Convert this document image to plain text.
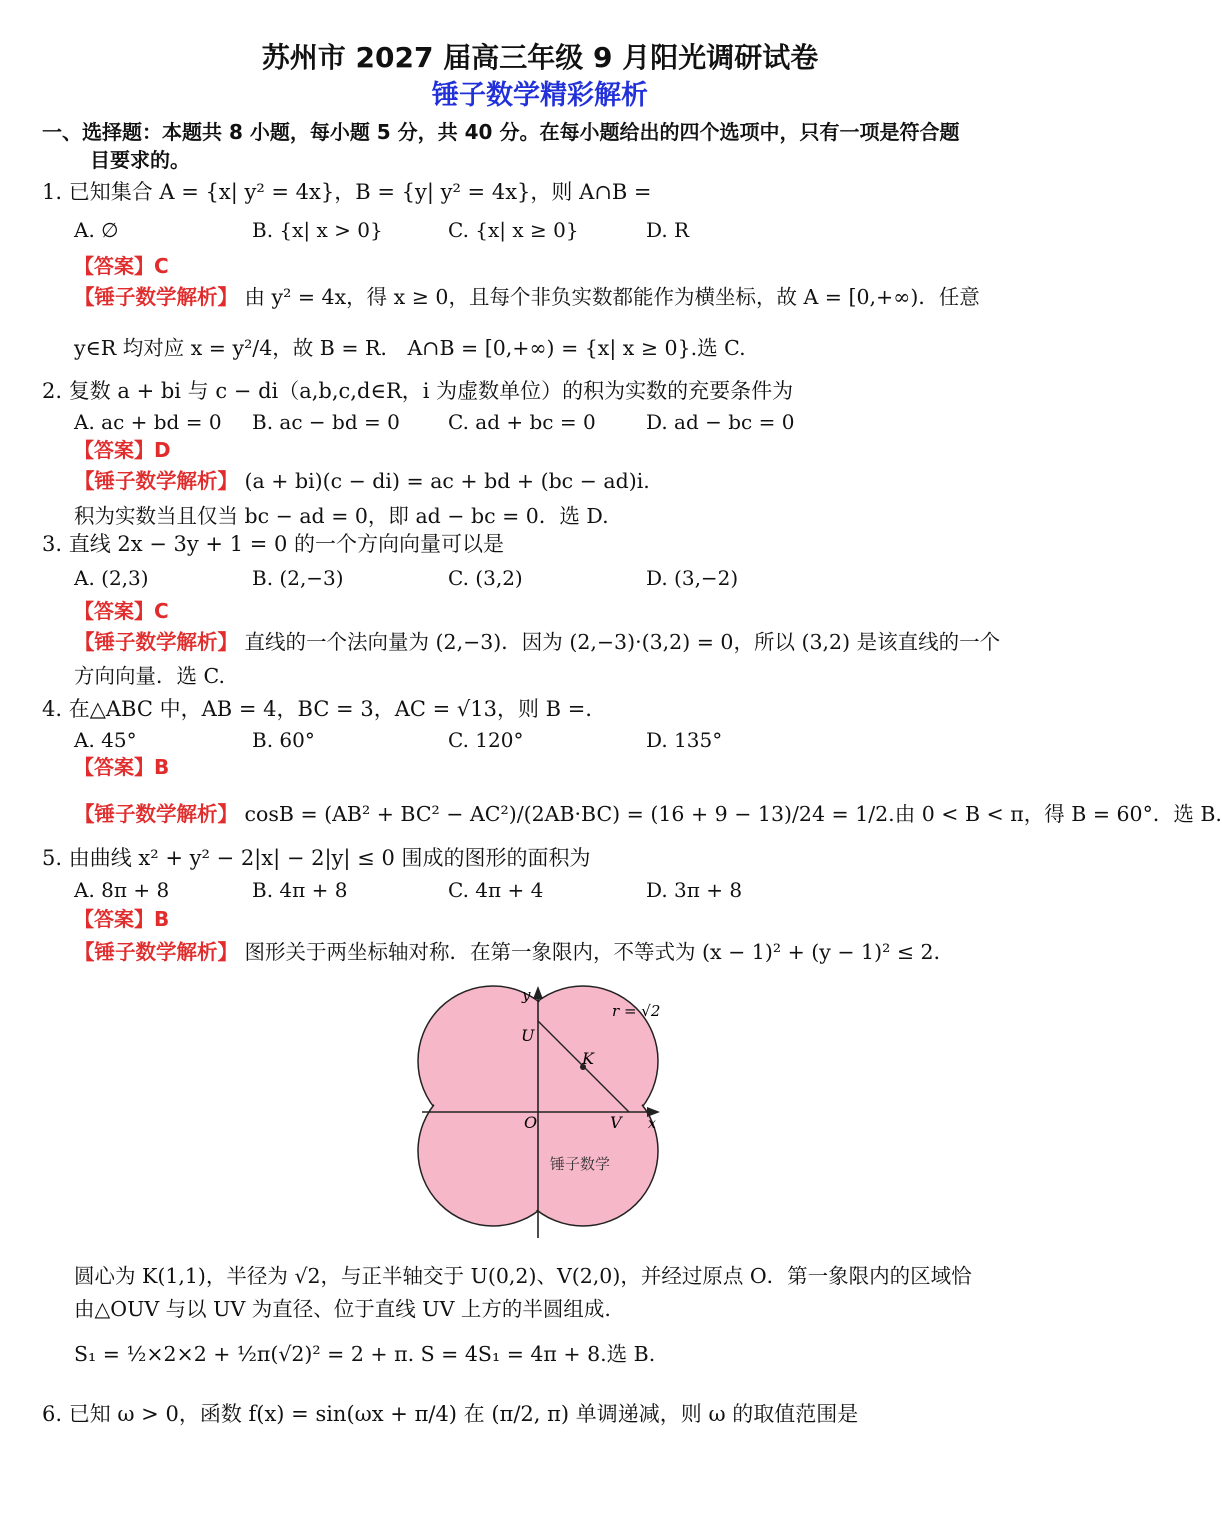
苏州市 2027 届高三年级 9 月阳光调研试卷
锤子数学精彩解析
一、选择题：本题共 8 小题，每小题 5 分，共 40 分。在每小题给出的四个选项中，只有一项是符合题
目要求的。
1. 已知集合 A = {x| y² = 4x}，B = {y| y² = 4x}，则 A∩B =
A. ∅	B. {x| x > 0}	C. {x| x ≥ 0}	D. R
【答案】C
【锤子数学解析】 由 y² = 4x，得 x ≥ 0，且每个非负实数都能作为横坐标，故 A = [0,+∞)．任意
y∈R 均对应 x = y²/4，故 B = R． A∩B = [0,+∞) = {x| x ≥ 0}.选 C.
2. 复数 a + bi 与 c − di（a,b,c,d∈R，i 为虚数单位）的积为实数的充要条件为
A. ac + bd = 0 B. ac − bd = 0 C. ad + bc = 0	D. ad − bc = 0
【答案】D
【锤子数学解析】 (a + bi)(c − di) = ac + bd + (bc − ad)i.
积为实数当且仅当 bc − ad = 0，即 ad − bc = 0．选 D.
3. 直线 2x − 3y + 1 = 0 的一个方向向量可以是
A. (2,3)	B. (2,−3)	C. (3,2)	D. (3,−2)
【答案】C
【锤子数学解析】 直线的一个法向量为 (2,−3)．因为 (2,−3)·(3,2) = 0，所以 (3,2) 是该直线的一个
方向向量．选 C.
4. 在△ABC 中，AB = 4，BC = 3，AC = √13，则 B =．
A. 45°	B. 60°	C. 120°	D. 135°
【答案】B
【锤子数学解析】 cosB = (AB² + BC² − AC²)/(2AB·BC) = (16 + 9 − 13)/24 = 1/2.由 0 < B < π，得 B = 60°．选 B.
5. 由曲线 x² + y² − 2|x| − 2|y| ≤ 0 围成的图形的面积为
A. 8π + 8	B. 4π + 8	C. 4π + 4	D. 3π + 8
【答案】B
【锤子数学解析】 图形关于两坐标轴对称．在第一象限内，不等式为 (x − 1)² + (y − 1)² ≤ 2．
y
r = √2
U
K
O	V x
锤子数学
圆心为 K(1,1)，半径为 √2，与正半轴交于 U(0,2)、V(2,0)，并经过原点 O．第一象限内的区域恰
由△OUV 与以 UV 为直径、位于直线 UV 上方的半圆组成.
S₁ = ½×2×2 + ½π(√2)² = 2 + π. S = 4S₁ = 4π + 8.选 B.
6. 已知 ω > 0，函数 f(x) = sin(ωx + π/4) 在 (π/2, π) 单调递减，则 ω 的取值范围是
